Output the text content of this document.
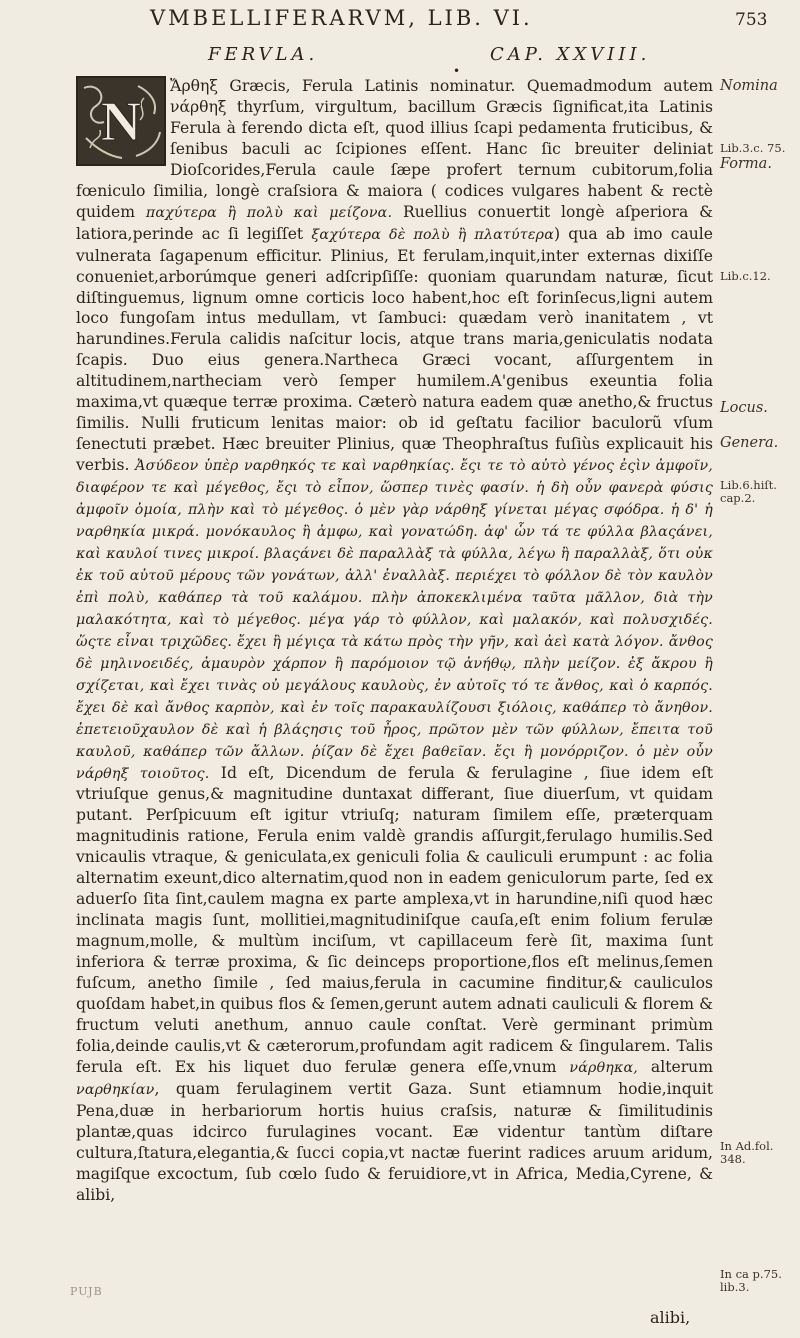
VMBELLIFERARVM, LIB. VI.	753
FERVLA.	CAP. XXVIII.
•
N

Ἄρθηξ Græcis, Ferula Latinis nominatur. Quemadmodum autem νάρθηξ thyrſum, virgultum, bacillum Græcis ſignificat,ita Latinis Ferula à ferendo dicta eſt, quod illius ſcapi pedamenta fruticibus, & ſenibus baculi ac ſcipiones eſſent. Hanc ſic breuiter deliniat Dioſcorides,Ferula caule ſæpe profert ternum cubitorum,folia fœniculo ſimilia, longè craſsiora & maiora ( codices vulgares habent & rectè quidem παχύτερα ἢ πολὺ καὶ μείζονα. Ruellius conuertit longè aſperiora & latiora,perinde ac ſi legiſſet ξαχύτερα δὲ πολὺ ἢ πλατύτερα) qua ab imo caule vulnerata ſagapenum efficitur. Plinius, Et ferulam,inquit,inter externas dixiſſe conueniet,arborúmque generi adſcripſiſſe: quoniam quarundam naturæ, ſicut diſtinguemus, lignum omne corticis loco habent,hoc eſt forinſecus,ligni autem loco fungoſam intus medullam, vt ſambuci: quædam verò inanitatem , vt harundines.Ferula calidis naſcitur locis, atque trans maria,geniculatis nodata ſcapis. Duo eius genera.Nartheca Græci vocant, aſſurgentem in altitudinem,narthecіam verò ſemper humilem.A'genibus exeuntia folia maxima,vt quæque terræ proxima. Cæterò natura eadem quæ anetho,& fructus ſimilis. Nulli fruticum lenitas maior: ob id geſtatu facilior baculorũ vſum ſenectuti præbet. Hæc breuiter Plinius, quæ Theophraſtus fuſiùs explicauit his verbis. Ἀσύδεον ὑπὲρ ναρθηκός τε καὶ ναρθηκίας. ἔςι τε τὸ αὐτὸ γένος ἐςὶν ἀμφοῖν, διαφέρον τε καὶ μέγεθος, ἔςι τὸ εἶπον, ὥσπερ τινὲς φασίν. ἡ δὴ οὖν φανερὰ φύσις ἀμφοῖν ὁμοία, πλὴν καὶ τὸ μέγεθος. ὁ μὲν γὰρ νάρθηξ γίνεται μέγας σφόδρα. ἡ δ' ἡ ναρθηκία μικρά. μονόκαυλος ἢ ἀμφω, καὶ γονατώδη. ἀφ' ὧν τά τε φύλλα βλαςάνει, καὶ καυλοί τινες μικροί. βλαςάνει δὲ παραλλὰξ τὰ φύλλα, λέγω ἢ παραλλὰξ, ὅτι οὐκ ἐκ τοῦ αὐτοῦ μέρους τῶν γονάτων, ἀλλ' ἐναλλὰξ. περιέχει τὸ φόλλον δὲ τὸν καυλὸν ἐπὶ πολὺ, καθάπερ τὰ τοῦ καλάμου. πλὴν ἀποκεκλιμένα ταῦτα μᾶλλον, διὰ τὴν μαλακότητα, καὶ τὸ μέγεθος. μέγα γάρ τὸ φύλλον, καὶ μαλακόν, καὶ πολυσχιδές. ὥςτε εἶναι τριχῶδες. ἔχει ἢ μέγιςα τὰ κάτω πρὸς τὴν γῆν, καὶ ἀεὶ κατὰ λόγον. ἄνθος δὲ μηλινοειδές, ἀμαυρὸν χάρπον ἢ παρόμοιον τῷ ἀνήθῳ, πλὴν μείζον. ἐξ ἄκρου ἢ σχίζεται, καὶ ἔχει τινὰς οὐ μεγάλους καυλοὺς, ἐν αὐτοῖς τό τε ἄνθος, καὶ ὁ καρπός. ἔχει δὲ καὶ ἄνθος καρπὸν, καὶ ἐν τοῖς παρακαυλίζουσι ξιόλοις, καθάπερ τὸ ἄνηθον. ἐπετειοῦχαυλον δὲ καὶ ἡ βλάςησις τοῦ ἦρος, πρῶτον μὲν τῶν φύλλων, ἔπειτα τοῦ καυλοῦ, καθάπερ τῶν ἄλλων. ῥίζαν δὲ ἔχει βαθεῖαν. ἔςι ἢ μονόρριζον. ὁ μὲν οὖν νάρθηξ τοιοῦτος. Id eſt, Dicendum de ferula & ferulagine , ſiue idem eſt vtriuſque genus,& magnitudine duntaxat differant, ſiue diuerſum, vt quidam putant. Perſpicuum eſt igitur vtriuſq; naturam ſimilem eſſe, præterquam magnitudinis ratione, Ferula enim valdè grandis aſſurgit,ferulago humilis.Sed vnicaulis vtraque, & geniculata,ex geniculi folia & cauliculi erumpunt : ac folia alternatim exeunt,dico alternatim,quod non in eadem geniculorum parte, ſed ex aduerſo ſita ſint,caulem magna ex parte amplexa,vt in harundine,niſi quod hæc inclinata magis ſunt, mollitiei,magnitudiniſque cauſa,eſt enim folium ferulæ magnum,molle, & multùm inciſum, vt capillaceum ferè ſit, maxima ſunt inferiora & terræ proxima, & ſic deinceps proportione,flos eſt melinus,ſemen fuſcum, anetho ſimile , ſed maius,ferula in cacumine finditur,& cauliculos quoſdam habet,in quibus flos & ſemen,gerunt autem adnati cauliculi & florem & fructum veluti anethum, annuo caule conſtat. Verè germinant primùm folia,deinde caulis,vt & cæterorum,profundam agit radicem & ſingularem. Talis ferula eſt. Ex his liquet duo ferulæ genera eſſe,vnum νάρθηκα, alterum ναρθηκίαν, quam ferulaginem vertit Gaza. Sunt etiamnum hodie,inquit Pena,duæ in herbariorum hortis huius craſsis, naturæ & ſimilitudinis plantæ,quas idcirco furulagines vocant. Eæ videntur tantùm diſtare cultura,ſtatura,elegantia,& ſucci copia,vt nactæ fuerint radices aruum aridum, magiſque excoctum, ſub cœlo ſudo & feruidiore,vt in Africa, Media,Cyrene, & alibi,

Nomina
Lib.3.c. 75.
Forma.
Lib.c.12.
Locus.
Genera.
Lib.6.hiſt. cap.2.
In Ad.fol. 348.
In ca p.75. lib.3.
PUJB
alibi,
